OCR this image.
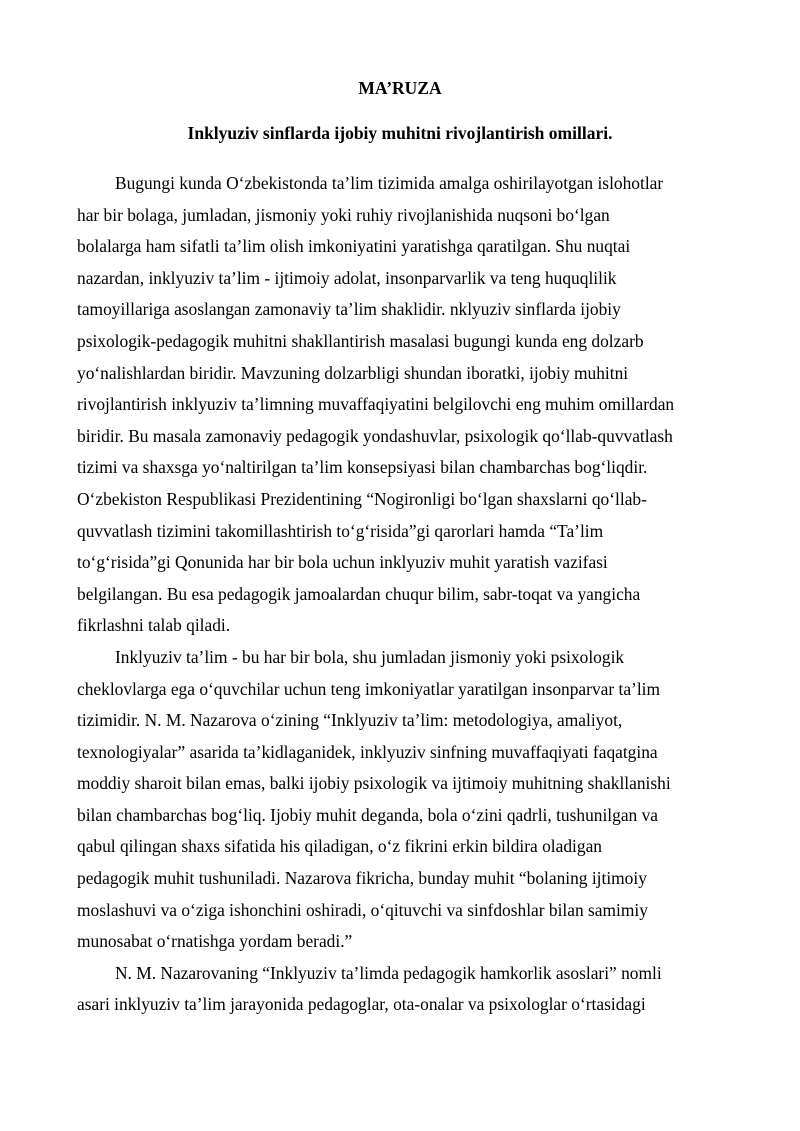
MA’RUZA
Inklyuziv sinflarda ijobiy muhitni rivojlantirish omillari.

Bugungi kunda O‘zbekistonda ta’lim tizimida amalga oshirilayotgan islohotlar
har bir bolaga, jumladan, jismoniy yoki ruhiy rivojlanishida nuqsoni bo‘lgan
bolalarga ham sifatli ta’lim olish imkoniyatini yaratishga qaratilgan. Shu nuqtai
nazardan, inklyuziv ta’lim - ijtimoiy adolat, insonparvarlik va teng huquqlilik
tamoyillariga asoslangan zamonaviy ta’lim shaklidir. nklyuziv sinflarda ijobiy
psixologik-pedagogik muhitni shakllantirish masalasi bugungi kunda eng dolzarb
yo‘nalishlardan biridir. Mavzuning dolzarbligi shundan iboratki, ijobiy muhitni
rivojlantirish inklyuziv ta’limning muvaffaqiyatini belgilovchi eng muhim omillardan
biridir. Bu masala zamonaviy pedagogik yondashuvlar, psixologik qo‘llab-quvvatlash
tizimi va shaxsga yo‘naltirilgan ta’lim konsepsiyasi bilan chambarchas bog‘liqdir.
O‘zbekiston Respublikasi Prezidentining “Nogironligi bo‘lgan shaxslarni qo‘llab-
quvvatlash tizimini takomillashtirish to‘g‘risida”gi qarorlari hamda “Ta’lim
to‘g‘risida”gi Qonunida har bir bola uchun inklyuziv muhit yaratish vazifasi
belgilangan. Bu esa pedagogik jamoalardan chuqur bilim, sabr-toqat va yangicha
fikrlashni talab qiladi.

Inklyuziv ta’lim - bu har bir bola, shu jumladan jismoniy yoki psixologik
cheklovlarga ega o‘quvchilar uchun teng imkoniyatlar yaratilgan insonparvar ta’lim
tizimidir. N. M. Nazarova o‘zining “Inklyuziv ta’lim: metodologiya, amaliyot,
texnologiyalar” asarida ta’kidlaganidek, inklyuziv sinfning muvaffaqiyati faqatgina
moddiy sharoit bilan emas, balki ijobiy psixologik va ijtimoiy muhitning shakllanishi
bilan chambarchas bog‘liq. Ijobiy muhit deganda, bola o‘zini qadrli, tushunilgan va
qabul qilingan shaxs sifatida his qiladigan, o‘z fikrini erkin bildira oladigan
pedagogik muhit tushuniladi. Nazarova fikricha, bunday muhit “bolaning ijtimoiy
moslashuvi va o‘ziga ishonchini oshiradi, o‘qituvchi va sinfdoshlar bilan samimiy
munosabat o‘rnatishga yordam beradi.”

N. M. Nazarovaning “Inklyuziv ta’limda pedagogik hamkorlik asoslari” nomli
asari inklyuziv ta’lim jarayonida pedagoglar, ota-onalar va psixologlar o‘rtasidagi
